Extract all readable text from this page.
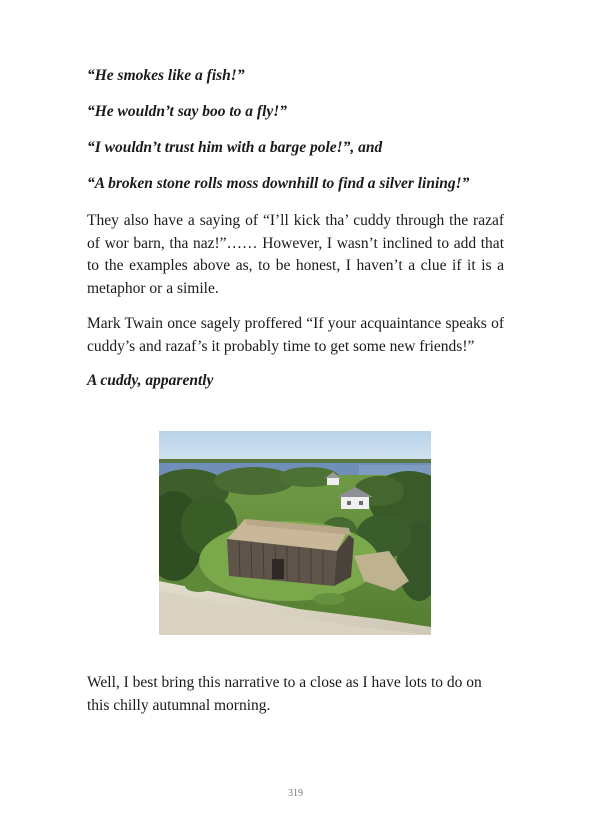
“He smokes like a fish!”

“He wouldn’t say boo to a fly!”

“I wouldn’t trust him with a barge pole!”, and

“A broken stone rolls moss downhill to find a silver lining!”

They also have a saying of “I’ll kick tha’ cuddy through the razaf of wor barn, tha naz!”…… However, I wasn’t inclined to add that to the examples above as, to be honest, I haven’t a clue if it is a metaphor or a simile.

Mark Twain once sagely proffered “If your acquaintance speaks of cuddy’s and razaf’s it probably time to get some new friends!”

A cuddy, apparently

Well, I best bring this narrative to a close as I have lots to do on this chilly autumnal morning.
319
